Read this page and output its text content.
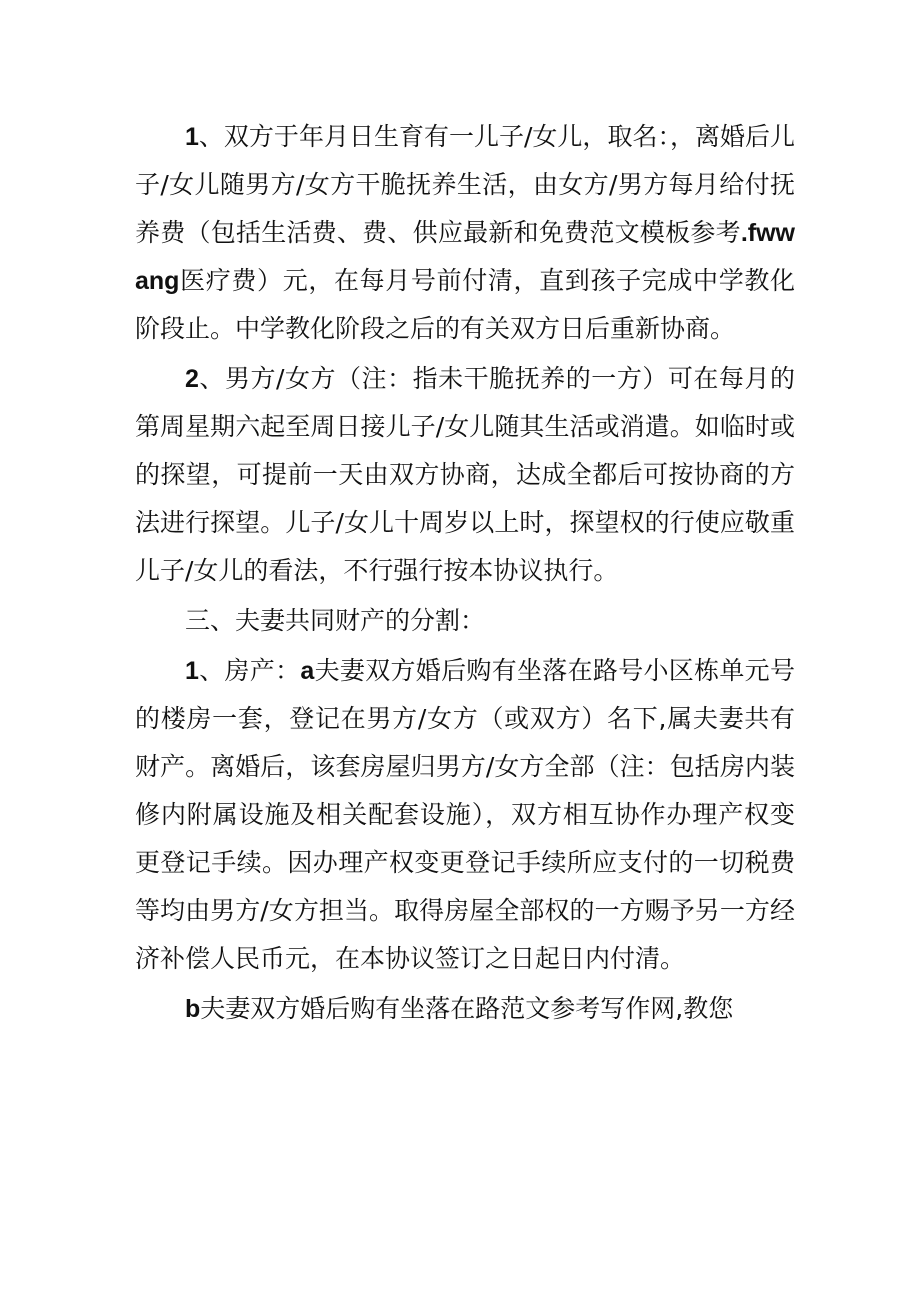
1、双方于年月日生育有一儿子/女儿，取名：，离婚后儿子/女儿随男方/女方干脆抚养生活，由女方/男方每月给付抚养费（包括生活费、费、供应最新和免费范文模板参考.fwwang医疗费）元，在每月号前付清，直到孩子完成中学教化阶段止。中学教化阶段之后的有关双方日后重新协商。

2、男方/女方（注：指未干脆抚养的一方）可在每月的第周星期六起至周日接儿子/女儿随其生活或消遣。如临时或的探望，可提前一天由双方协商，达成全都后可按协商的方法进行探望。儿子/女儿十周岁以上时，探望权的行使应敬重儿子/女儿的看法，不行强行按本协议执行。

三、夫妻共同财产的分割：

1、房产：a夫妻双方婚后购有坐落在路号小区栋单元号的楼房一套，登记在男方/女方（或双方）名下,属夫妻共有财产。离婚后，该套房屋归男方/女方全部（注：包括房内装修内附属设施及相关配套设施），双方相互协作办理产权变更登记手续。因办理产权变更登记手续所应支付的一切税费等均由男方/女方担当。取得房屋全部权的一方赐予另一方经济补偿人民币元，在本协议签订之日起日内付清。

b夫妻双方婚后购有坐落在路范文参考写作网,教您
